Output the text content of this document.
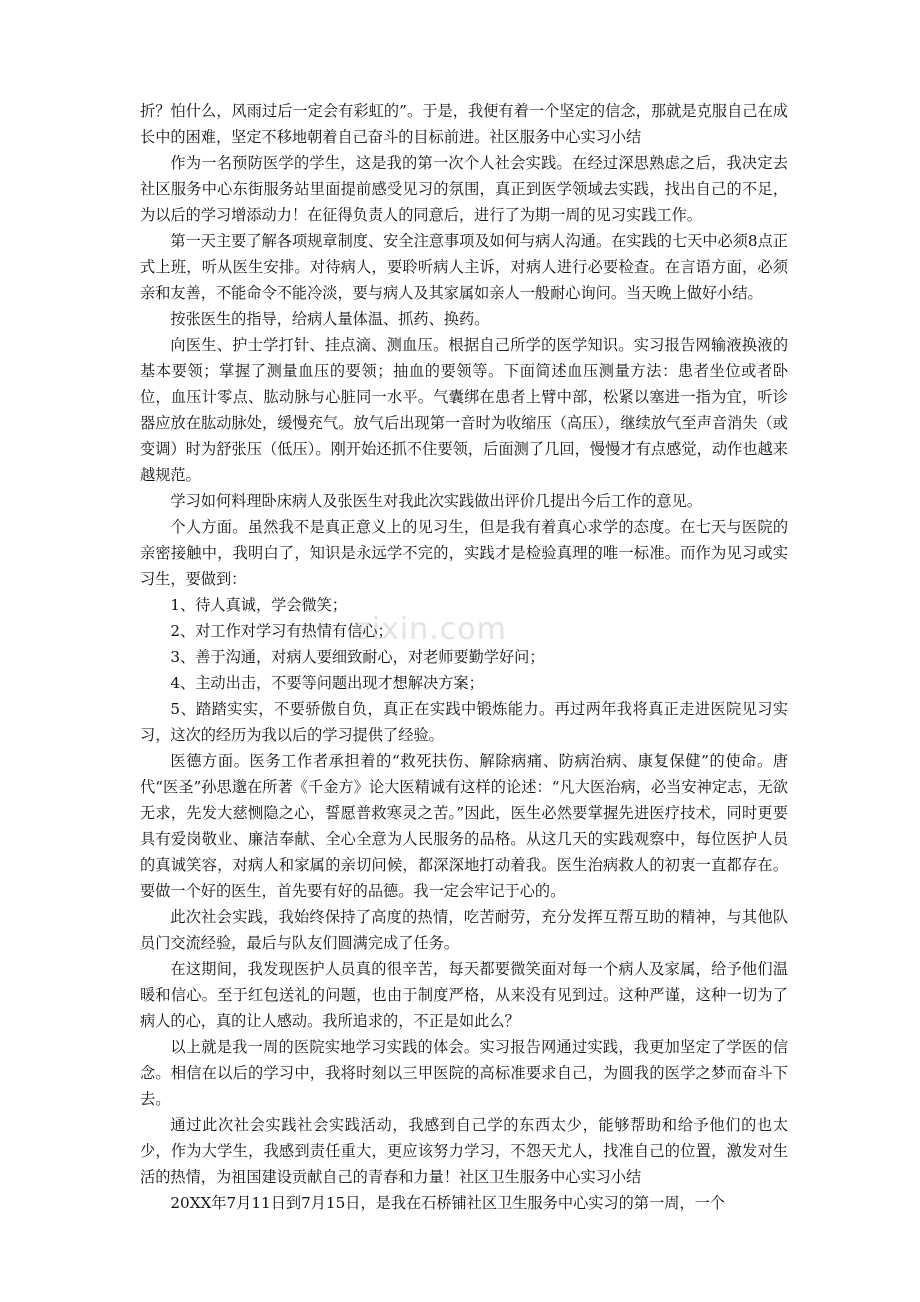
zixin.com

折？怕什么，风雨过后一定会有彩虹的”。于是，我便有着一个坚定的信念，那就是克服自己在成长中的困难，坚定不移地朝着自己奋斗的目标前进。社区服务中心实习小结

作为一名预防医学的学生，这是我的第一次个人社会实践。在经过深思熟虑之后，我决定去社区服务中心东街服务站里面提前感受见习的氛围，真正到医学领域去实践，找出自己的不足，为以后的学习增添动力！在征得负责人的同意后，进行了为期一周的见习实践工作。

第一天主要了解各项规章制度、安全注意事项及如何与病人沟通。在实践的七天中必须8点正式上班，听从医生安排。对待病人，要聆听病人主诉，对病人进行必要检查。在言语方面，必须亲和友善，不能命令不能冷淡，要与病人及其家属如亲人一般耐心询问。当天晚上做好小结。

按张医生的指导，给病人量体温、抓药、换药。

向医生、护士学打针、挂点滴、测血压。根据自己所学的医学知识。实习报告网输液换液的基本要领；掌握了测量血压的要领；抽血的要领等。下面简述血压测量方法：患者坐位或者卧位，血压计零点、肱动脉与心脏同一水平。气囊绑在患者上臂中部，松紧以塞进一指为宜，听诊器应放在肱动脉处，缓慢充气。放气后出现第一音时为收缩压（高压），继续放气至声音消失（或变调）时为舒张压（低压）。刚开始还抓不住要领，后面测了几回，慢慢才有点感觉，动作也越来越规范。

学习如何料理卧床病人及张医生对我此次实践做出评价几提出今后工作的意见。

个人方面。虽然我不是真正意义上的见习生，但是我有着真心求学的态度。在七天与医院的亲密接触中，我明白了，知识是永远学不完的，实践才是检验真理的唯一标准。而作为见习或实习生，要做到：

1、待人真诚，学会微笑；

2、对工作对学习有热情有信心；

3、善于沟通，对病人要细致耐心，对老师要勤学好问；

4、主动出击，不要等问题出现才想解决方案；

5、踏踏实实，不要骄傲自负，真正在实践中锻炼能力。再过两年我将真正走进医院见习实习，这次的经历为我以后的学习提供了经验。

医德方面。医务工作者承担着的“救死扶伤、解除病痛、防病治病、康复保健”的使命。唐代“医圣”孙思邈在所著《千金方》论大医精诚有这样的论述：“凡大医治病，必当安神定志，无欲无求，先发大慈恻隐之心，誓愿普救寒灵之苦。”因此，医生必然要掌握先进医疗技术，同时更要具有爱岗敬业、廉洁奉献、全心全意为人民服务的品格。从这几天的实践观察中，每位医护人员的真诚笑容，对病人和家属的亲切问候，都深深地打动着我。医生治病救人的初衷一直都存在。要做一个好的医生，首先要有好的品德。我一定会牢记于心的。

此次社会实践，我始终保持了高度的热情，吃苦耐劳，充分发挥互帮互助的精神，与其他队员门交流经验，最后与队友们圆满完成了任务。

在这期间，我发现医护人员真的很辛苦，每天都要微笑面对每一个病人及家属，给予他们温暖和信心。至于红包送礼的问题，也由于制度严格，从来没有见到过。这种严谨，这种一切为了病人的心，真的让人感动。我所追求的，不正是如此么？

以上就是我一周的医院实地学习实践的体会。实习报告网通过实践，我更加坚定了学医的信念。相信在以后的学习中，我将时刻以三甲医院的高标准要求自己，为圆我的医学之梦而奋斗下去。

通过此次社会实践社会实践活动，我感到自己学的东西太少，能够帮助和给予他们的也太少，作为大学生，我感到责任重大，更应该努力学习，不怨天尤人，找准自己的位置，激发对生活的热情，为祖国建设贡献自己的青春和力量！社区卫生服务中心实习小结

20XX年7月11日到7月15日，是我在石桥铺社区卫生服务中心实习的第一周，一个
